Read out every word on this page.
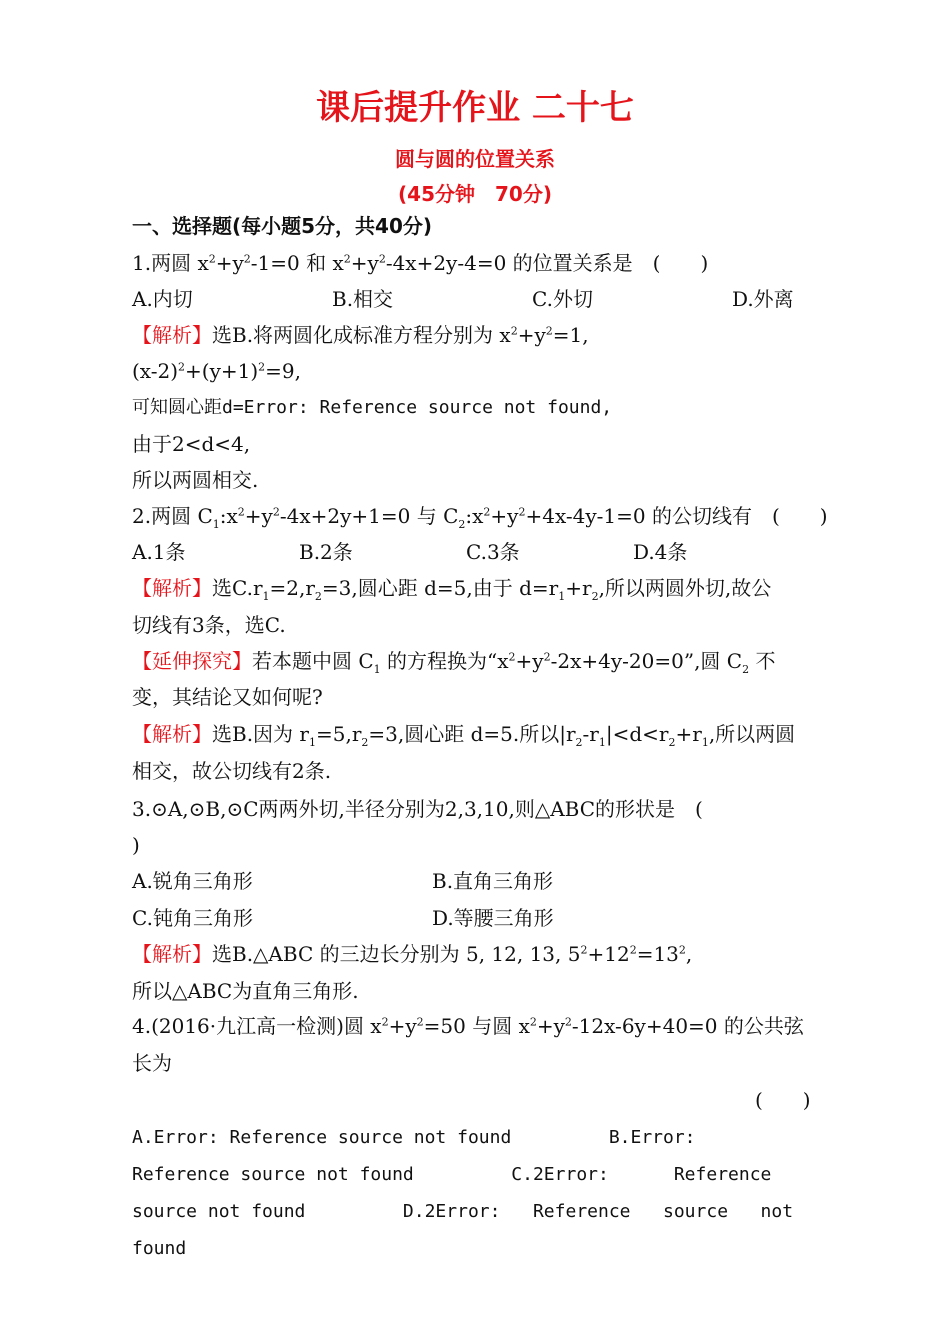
课后提升作业 二十七
圆与圆的位置关系
(45分钟　70分)
一、选择题(每小题5分，共40分)
1.两圆 $x^2+y^2-1=0$ 和 $x^2+y^2-4x+2y-4=0$ 的位置关系是　(　　)
A.内切	B.相交	C.外切	D.外离
【解析】选B.将两圆化成标准方程分别为 $x^2+y^2=1$,
$(x-2)^2+(y+1)^2=9$,
可知圆心距d=Error: Reference source not found,
由于2<d<4,
所以两圆相交.
2.两圆 $C_1:x^2+y^2-4x+2y+1=0$ 与 $C_2:x^2+y^2+4x-4y-1=0$ 的公切线有　(　　)
A.1条	B.2条	C.3条	D.4条
【解析】选$C.r_1=2,r_2=3$,圆心距 d=5,由于 $d=r_1+r_2$,所以两圆外切,故公
切线有3条，选C.
【延伸探究】若本题中圆 $C_1$ 的方程换为“$x^2+y^2-2x+4y-20=0$”,圆 $C_2$ 不
变，其结论又如何呢?
【解析】选B.因为 $r_1=5,r_2=3$,圆心距 d=5.所以$|r_2-r_1|<d<r_2+r_1$,所以两圆
相交，故公切线有2条.
3.⊙A,⊙B,⊙C两两外切,半径分别为2,3,10,则△ABC的形状是　(
)
A.锐角三角形	B.直角三角形
C.钝角三角形	D.等腰三角形
【解析】选B.△ABC 的三边长分别为 5, 12, 13, $5^2+12^2=13^2$,
所以△ABC为直角三角形.
4.(2016·九江高一检测)圆 $x^2+y^2=50$ 与圆 $x^2+y^2-12x-6y+40=0$ 的公共弦
长为
(　　)
A.Error: Reference source not found         B.Error:
Reference source not found         C.2Error:      Reference
source not found         D.2Error:   Reference   source   not
found
